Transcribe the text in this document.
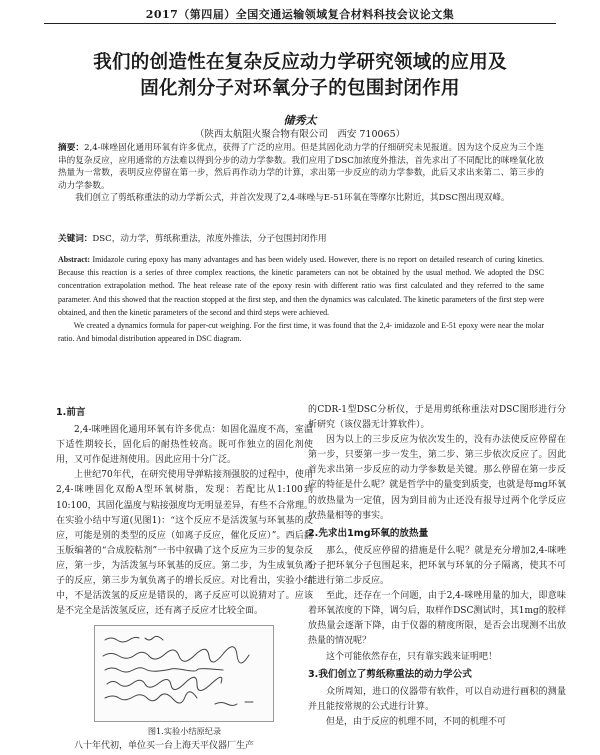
2017（第四届）全国交通运输领域复合材料科技会议论文集
我们的创造性在复杂反应动力学研究领域的应用及
固化剂分子对环氧分子的包围封闭作用
储秀太
（陕西太航阻火聚合物有限公司　西安 710065）

摘要：2,4-咪唑固化通用环氧有许多优点，获得了广泛的应用。但是其固化动力学的仔细研究未见报道。因为这个反应为三个连串的复杂反应，应用通常的方法难以得到分步的动力学参数。我们应用了DSC加浓度外推法，首先求出了不同配比的咪唑氧化放热量为一常数，表明反应停留在第一步，然后再作动力学的计算，求出第一步反应的动力学参数，此后又求出来第二、第三步的动力学参数。

我们创立了剪纸称重法的动力学新公式，并首次发现了2,4-咪唑与E-51环氧在等摩尔比附近，其DSC图出现双峰。

关键词：DSC，动力学，剪纸称重法，浓度外推法，分子包围封闭作用

Abstract: Imidazole curing epoxy has many advantages and has been widely used. However, there is no report on detailed research of curing kinetics. Because this reaction is a series of three complex reactions, the kinetic parameters can not be obtained by the usual method. We adopted the DSC concentration extrapolation method. The heat release rate of the epoxy resin with different ratio was first calculated and they referred to the same parameter. And this showed that the reaction stopped at the first step, and then the dynamics was calculated. The kinetic parameters of the first step were obtained, and then the kinetic parameters of the second and third steps were achieved.

We created a dynamics formula for paper-cut weighing. For the first time, it was found that the 2,4- imidazole and E-51 epoxy were near the molar ratio. And bimodal distribution appeared in DSC diagram.

1.前言

2,4-咪唑固化通用环氧有许多优点：如固化温度不高，室温下适性期较长，固化后的耐热性较高。既可作独立的固化剂使用，又可作促进剂使用。因此应用十分广泛。

上世纪70年代，在研究使用导弹粘接剂强胶的过程中，使用2,4-咪唑固化双酚A型环氧树脂，发现：若配比从1:100到10:100，其固化温度与粘接强度均无明显差异，有些不合常理。在实验小结中写道(见图1)：“这个反应不是活泼氢与环氧基的反应，可能是别的类型的反应（如离子反应，催化反应）”。西后翻玉版编著的“合成胶粘剂”一书中叙确了这个反应为三步的复杂反应，第一步，为活泼氢与环氧基的反应。第二步，为生成氧负离子的反应，第三步为氧负离子的增长反应。对比看出，实验小结中，不是活泼氢的反应是错误的，离子反应可以说猜对了。应该是不完全是活泼氢反应，还有离子反应才比较全面。

图1.实验小结原纪录

八十年代初，单位买一台上海天平仪器厂生产

的CDR-1型DSC分析仪，于是用剪纸称重法对DSC图形进行分析研究（该仪器无计算软件）。

因为以上的三步反应为依次发生的，没有办法使反应停留在第一步，只要第一步一发生，第二步、第三步依次反应了。因此首先求出第一步反应的动力学参数是关键。那么停留在第一步反应的特征是什么呢？就是哲学中的量变到质变，也就是每mg环氧的放热量为一定值，因为到目前为止还没有报导过两个化学反应放热量相等的事实。

2.先求出1mg环氧的放热量

那么，使反应停留的措施是什么呢？就是充分增加2,4-咪唑分子把环氧分子包围起来，把环氧与环氧的分子隔离，使其不可能进行第二步反应。

至此，还存在一个问题，由于2,4-咪唑用量的加大，即意味着环氧浓度的下降，调匀后，取样作DSC测试时，其1mg的胶样放热量会逐渐下降，由于仪器的精度所限，是否会出现测不出放热量的情况呢？

这个可能依然存在，只有靠实践来证明吧！

3.我们创立了剪纸称重法的动力学公式

众所周知，进口的仪器带有软件，可以自动进行画积的测量并且能按常规的公式进行计算。

但是，由于反应的机理不同，不同的机理不可
